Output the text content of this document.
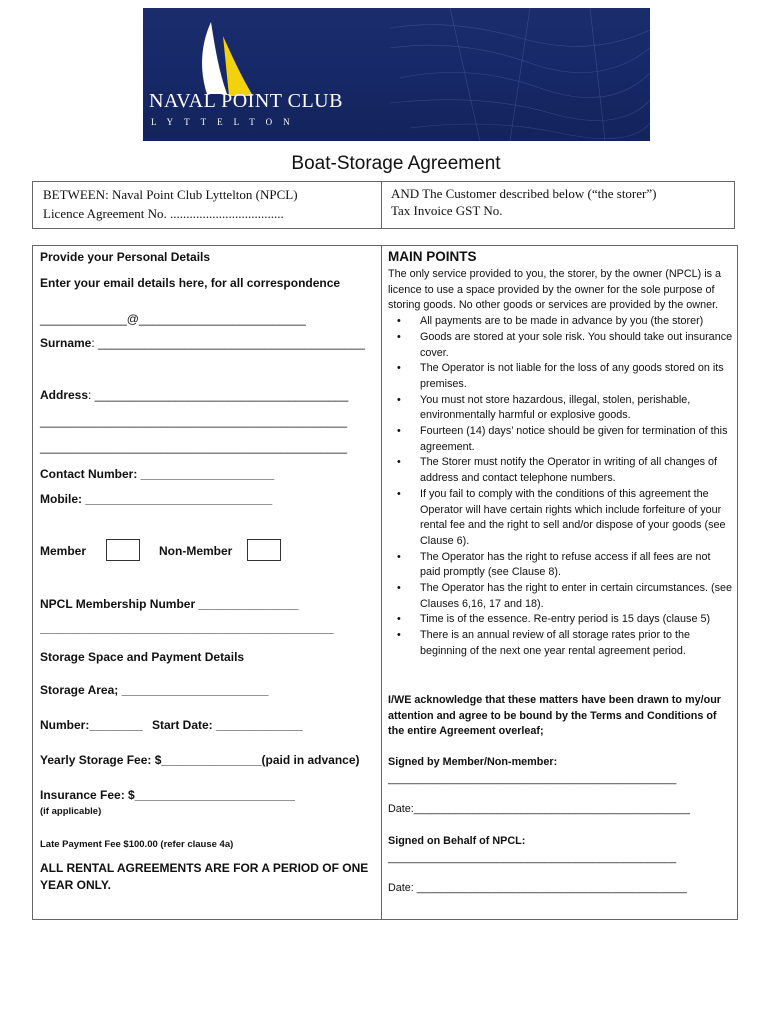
NAVAL POINT CLUB
LYTTELTON
Boat-Storage Agreement
BETWEEN: Naval Point Club Lyttelton (NPCL)
Licence Agreement No. ...................................
AND The Customer described below (“the storer”)
Tax Invoice GST No.
Provide your Personal Details
Enter your email details here, for all correspondence
_____________@_________________________
Surname: ________________________________________
Address: ______________________________________
______________________________________________
______________________________________________
Contact Number: ____________________
Mobile: ____________________________
Member	Non-Member
NPCL Membership Number _______________
____________________________________________
Storage Space and Payment Details
Storage Area; ______________________
Number:________ Start Date: _____________
Yearly Storage Fee: $_______________(paid in advance)
Insurance Fee: $________________________
(if applicable)
Late Payment Fee $100.00 (refer clause 4a)
ALL RENTAL AGREEMENTS ARE FOR A PERIOD OF ONE YEAR ONLY.
MAIN POINTS

The only service provided to you, the storer, by the owner (NPCL) is a licence to use a space provided by the owner for the sole purpose of storing goods. No other goods or services are provided by the owner.

• All payments are to be made in advance by you (the storer)
• Goods are stored at your sole risk. You should take out insurance cover.
• The Operator is not liable for the loss of any goods stored on its premises.
• You must not store hazardous, illegal, stolen, perishable, environmentally harmful or explosive goods.
• Fourteen (14) days’ notice should be given for termination of this agreement.
• The Storer must notify the Operator in writing of all changes of address and contact telephone numbers.
• If you fail to comply with the conditions of this agreement the Operator will have certain rights which include forfeiture of your rental fee and the right to sell and/or dispose of your goods (see Clause 6).
• The Operator has the right to refuse access if all fees are not paid promptly (see Clause 8).
• The Operator has the right to enter in certain circumstances. (see Clauses 6,16, 17 and 18).
• Time is of the essence. Re-entry period is 15 days (clause 5)
• There is an annual review of all storage rates prior to the beginning of the next one year rental agreement period.
I/WE acknowledge that these matters have been drawn to my/our attention and agree to be bound by the Terms and Conditions of the entire Agreement overleaf;
Signed by Member/Non-member:
________________________________________________
Date:______________________________________________
Signed on Behalf of NPCL:
________________________________________________
Date: _____________________________________________
